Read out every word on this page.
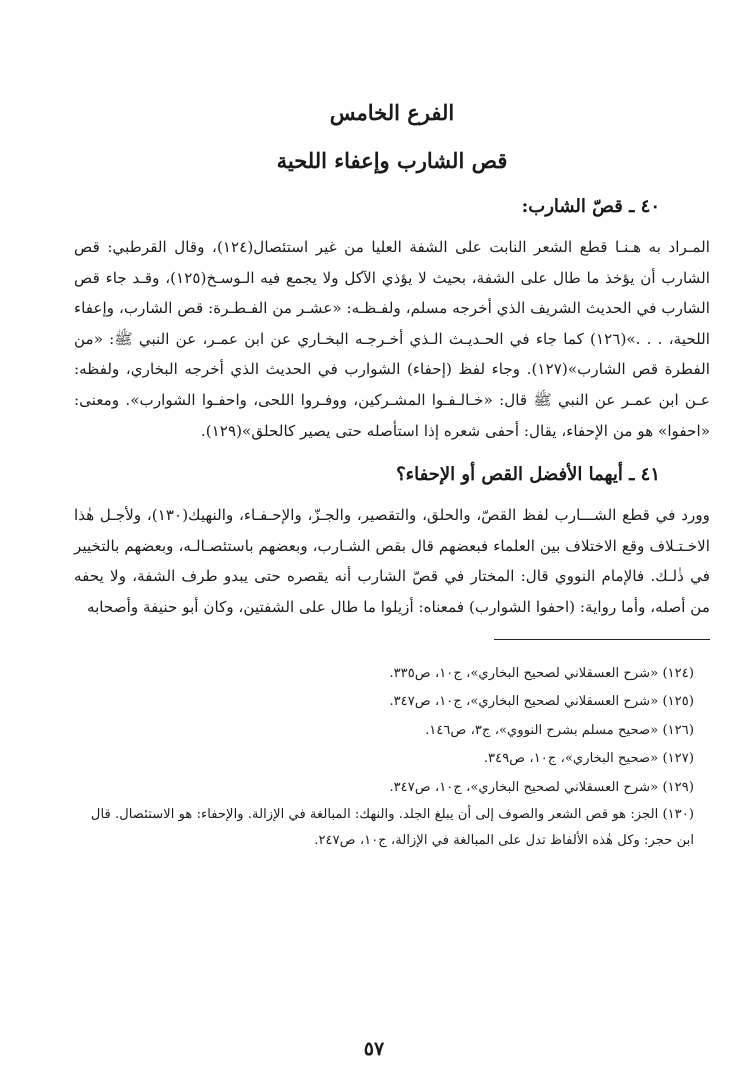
الفرع الخامس
قص الشارب وإعفاء اللحية
٤٠ ـ قصّ الشارب:

المـراد به هـنـا قطع الشعر النابت على الشفة العليا من غير استئصال(١٢٤)، وقال القرطبي: قص الشارب أن يؤخذ ما طال على الشفة، بحيث لا يؤذي الآكل ولا يجمع فيه الـوسـخ(١٢٥)، وقـد جاء قص الشارب في الحديث الشريف الذي أخرجه مسلم، ولفـظـه: «عشـر من الفـطـرة: قص الشارب، وإعفاء اللحية، . . .»(١٢٦) كما جاء في الحـديـث الـذي أخـرجـه البخـاري عن ابن عمـر، عن النبي ﷺ: «من الفطرة قص الشارب»(١٢٧). وجاء لفظ (إحفاء) الشوارب في الحديث الذي أخرجه البخاري، ولفظه: عـن ابن عمـر عن النبي ﷺ قال: «خـالـفـوا المشـركين، ووفـروا اللحى، واحفـوا الشوارب». ومعنى: «احفوا» هو من الإحفاء، يقال: أحفى شعره إذا استأصله حتى يصير كالحلق»(١٢٩).

٤١ ـ أيهما الأفضل القص أو الإحفاء؟

وورد في قطع الشـــارب لفظ القصّ، والحلق، والتقصير، والجـزّ، والإحـفـاء، والنهيك(١٣٠)، ولأجـل هٰذا الاخـتـلاف وقع الاختلاف بين العلماء فبعضهم قال بقص الشـارب، وبعضهم باستئصـالـه، وبعضهم بالتخيير في ذٰلـك. فالإمام النووي قال: المختار في قصّ الشارب أنه يقصره حتى يبدو طرف الشفة، ولا يحفه من أصله، وأما رواية: (احفوا الشوارب) فمعناه: أزيلوا ما طال على الشفتين، وكان أبو حنيفة وأصحابه

(١٢٤) «شرح العسقلاني لصحيح البخاري»، ج١٠، ص٣٣٥.

(١٢٥) «شرح العسقلاني لصحيح البخاري»، ج١٠، ص٣٤٧.

(١٢٦) «صحيح مسلم بشرح النووي»، ج٣، ص١٤٦.

(١٢٧) «صحيح البخاري»، ج١٠، ص٣٤٩.

(١٢٩) «شرح العسقلاني لصحيح البخاري»، ج١٠، ص٣٤٧.

(١٣٠) الجز: هو قص الشعر والصوف إلى أن يبلغ الجلد. والنهك: المبالغة في الإزالة. والإحفاء: هو الاستئصال. قال ابن حجر: وكل هٰذه الألفاظ تدل على المبالغة في الإزالة، ج١٠، ص٢٤٧.

٥٧
